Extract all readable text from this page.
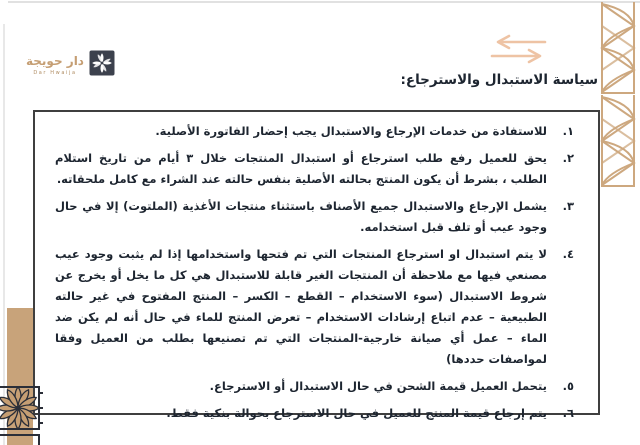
دار حويجة
Dar Hwaija	سياسة الاستبدال والاسترجاع:
١.
للاستفادة من خدمات الإرجاع والاستبدال يجب إحضار الفاتورة الأصلية.
٢.
يحق للعميل رفع طلب استرجاع أو استبدال المنتجات خلال ٣ أيام من تاريخ استلام الطلب ، بشرط أن يكون المنتج بحالته الأصلية بنفس حالته عند الشراء مع كامل ملحقاته.
٣.
يشمل الإرجاع والاستبدال جميع الأصناف باستثناء منتجات الأغذية (الملتوت) إلا في حال وجود عيب أو تلف قبل استخدامه.
٤.
لا يتم استبدال او استرجاع المنتجات التي تم فتحها واستخدامها إذا لم يثبت وجود عيب مصنعي فيها مع ملاحظة أن المنتجات الغير قابلة للاستبدال هي كل ما يخل أو يخرج عن شروط الاستبدال (سوء الاستخدام – القطع – الكسر – المنتج المفتوح في غير حالته الطبيعية – عدم اتباع إرشادات الاستخدام – تعرض المنتج للماء في حال أنه لم يكن ضد الماء – عمل أي صيانة خارجية-المنتجات التي تم تصنيعها بطلب من العميل وفقا لمواصفات حددها)
٥.
يتحمل العميل قيمة الشحن في حال الاستبدال أو الاسترجاع.
٦.
يتم إرجاع قيمة المنتج للعميل في حال الاسترجاع بحوالة بنكية فقط.
